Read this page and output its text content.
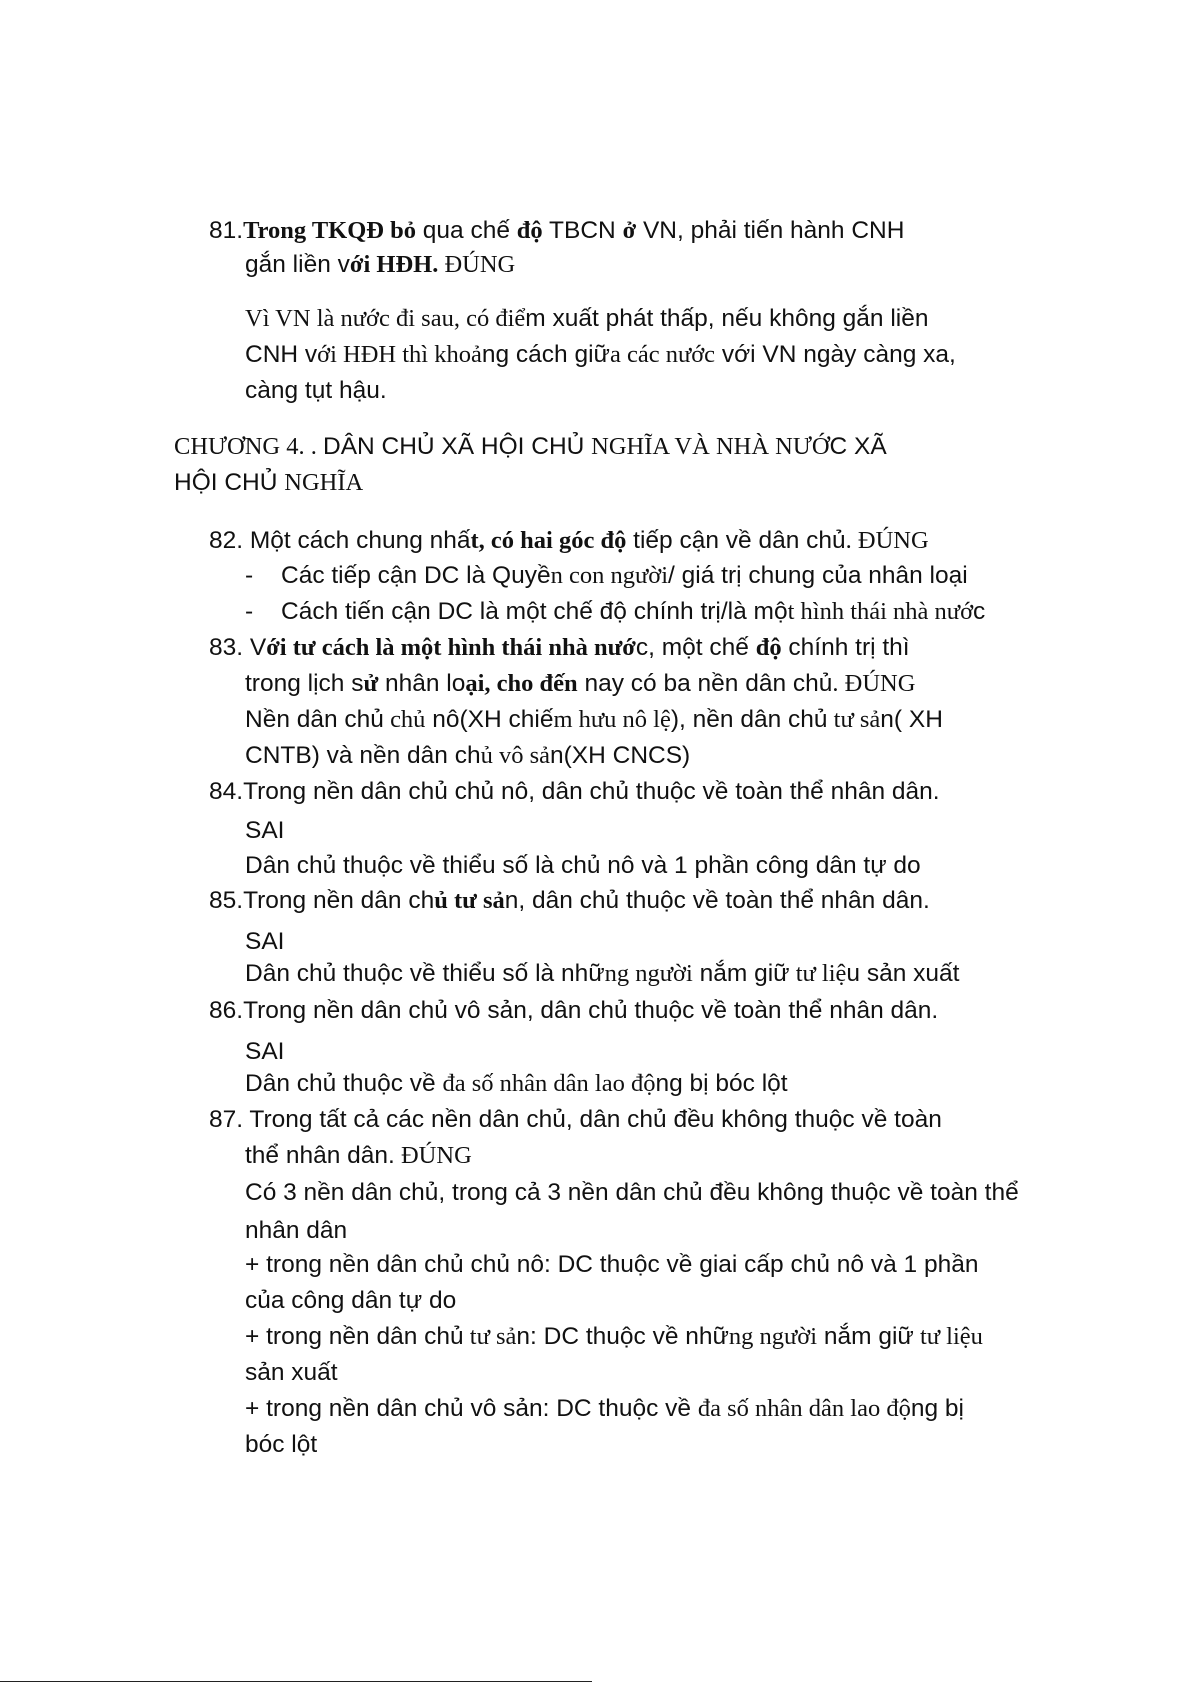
81.Trong TKQĐ bỏ qua chế độ TBCN ở VN, phải tiến hành CNH
gắn liền với HĐH. ĐÚNG
Vì VN là nước đi sau, có điểm xuất phát thấp, nếu không gắn liền
CNH với HĐH thì khoảng cách giữa các nước với VN ngày càng xa,
càng tụt hậu.
CHƯƠNG 4. . DÂN CHỦ XÃ HỘI CHỦ NGHĨA VÀ NHÀ NƯỚC XÃ
HỘI CHỦ NGHĨA
82. Một cách chung nhất, có hai góc độ tiếp cận về dân chủ. ĐÚNG
- Các tiếp cận DC là Quyền con người/ giá trị chung của nhân loại
- Cách tiến cận DC là một chế độ chính trị/là một hình thái nhà nước
83. Với tư cách là một hình thái nhà nước, một chế độ chính trị thì
trong lịch sử nhân loại, cho đến nay có ba nền dân chủ. ĐÚNG
Nền dân chủ chủ nô(XH chiếm hưu nô lệ), nền dân chủ tư sản( XH
CNTB) và nền dân chủ vô sản(XH CNCS)
84.Trong nền dân chủ chủ nô, dân chủ thuộc về toàn thể nhân dân.
SAI
Dân chủ thuộc về thiểu số là chủ nô và 1 phần công dân tự do
85.Trong nền dân chủ tư sản, dân chủ thuộc về toàn thể nhân dân.
SAI
Dân chủ thuộc về thiểu số là những người nắm giữ tư liệu sản xuất
86.Trong nền dân chủ vô sản, dân chủ thuộc về toàn thể nhân dân.
SAI
Dân chủ thuộc về đa số nhân dân lao động bị bóc lột
87. Trong tất cả các nền dân chủ, dân chủ đều không thuộc về toàn
thể nhân dân. ĐÚNG
Có 3 nền dân chủ, trong cả 3 nền dân chủ đều không thuộc về toàn thể
nhân dân
+ trong nền dân chủ chủ nô: DC thuộc về giai cấp chủ nô và 1 phần
của công dân tự do
+ trong nền dân chủ tư sản: DC thuộc về những người nắm giữ tư liệu
sản xuất
+ trong nền dân chủ vô sản: DC thuộc về đa số nhân dân lao động bị
bóc lột
